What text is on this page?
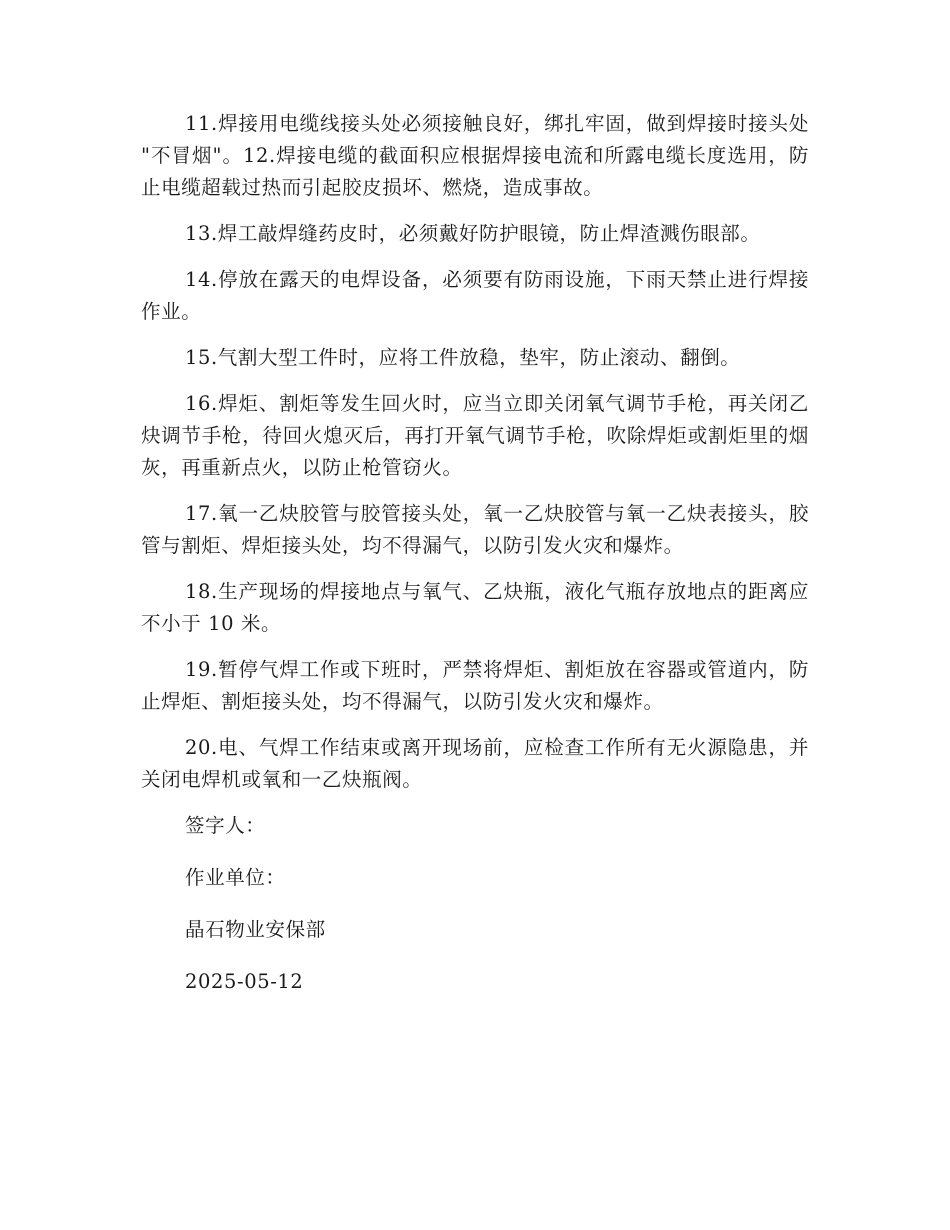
11.焊接用电缆线接头处必须接触良好，绑扎牢固，做到焊接时接头处 "不冒烟"。12.焊接电缆的截面积应根据焊接电流和所露电缆长度选用，防止电缆超载过热而引起胶皮损坏、燃烧，造成事故。

13.焊工敲焊缝药皮时，必须戴好防护眼镜，防止焊渣溅伤眼部。

14.停放在露天的电焊设备，必须要有防雨设施，下雨天禁止进行焊接作业。

15.气割大型工件时，应将工件放稳，垫牢，防止滚动、翻倒。

16.焊炬、割炬等发生回火时，应当立即关闭氧气调节手枪，再关闭乙炔调节手枪，待回火熄灭后，再打开氧气调节手枪，吹除焊炬或割炬里的烟灰，再重新点火，以防止枪管窃火。

17.氧一乙炔胶管与胶管接头处，氧一乙炔胶管与氧一乙炔表接头，胶管与割炬、焊炬接头处，均不得漏气，以防引发火灾和爆炸。

18.生产现场的焊接地点与氧气、乙炔瓶，液化气瓶存放地点的距离应不小于 10 米。

19.暂停气焊工作或下班时，严禁将焊炬、割炬放在容器或管道内，防止焊炬、割炬接头处，均不得漏气，以防引发火灾和爆炸。

20.电、气焊工作结束或离开现场前，应检查工作所有无火源隐患，并关闭电焊机或氧和一乙炔瓶阀。

签字人：

作业单位：

晶石物业安保部

2025-05-12
